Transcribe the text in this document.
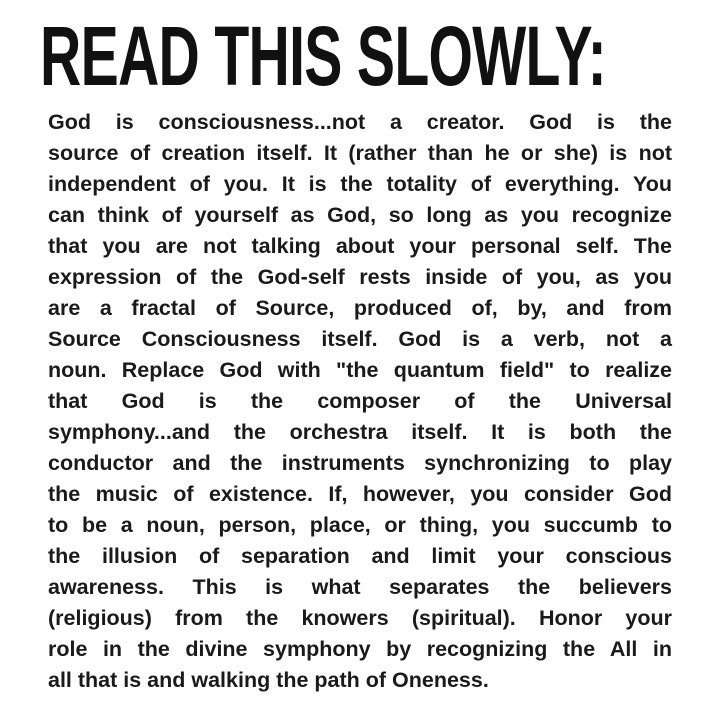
READ THIS SLOWLY:
God is consciousness...not a creator. God is the
source of creation itself. It (rather than he or she) is not
independent of you. It is the totality of everything. You
can think of yourself as God, so long as you recognize
that you are not talking about your personal self. The
expression of the God-self rests inside of you, as you
are a fractal of Source, produced of, by, and from
Source Consciousness itself. God is a verb, not a
noun. Replace God with "the quantum field" to realize
that God is the composer of the Universal
symphony...and the orchestra itself. It is both the
conductor and the instruments synchronizing to play
the music of existence. If, however, you consider God
to be a noun, person, place, or thing, you succumb to
the illusion of separation and limit your conscious
awareness. This is what separates the believers
(religious) from the knowers (spiritual). Honor your
role in the divine symphony by recognizing the All in
all that is and walking the path of Oneness.
